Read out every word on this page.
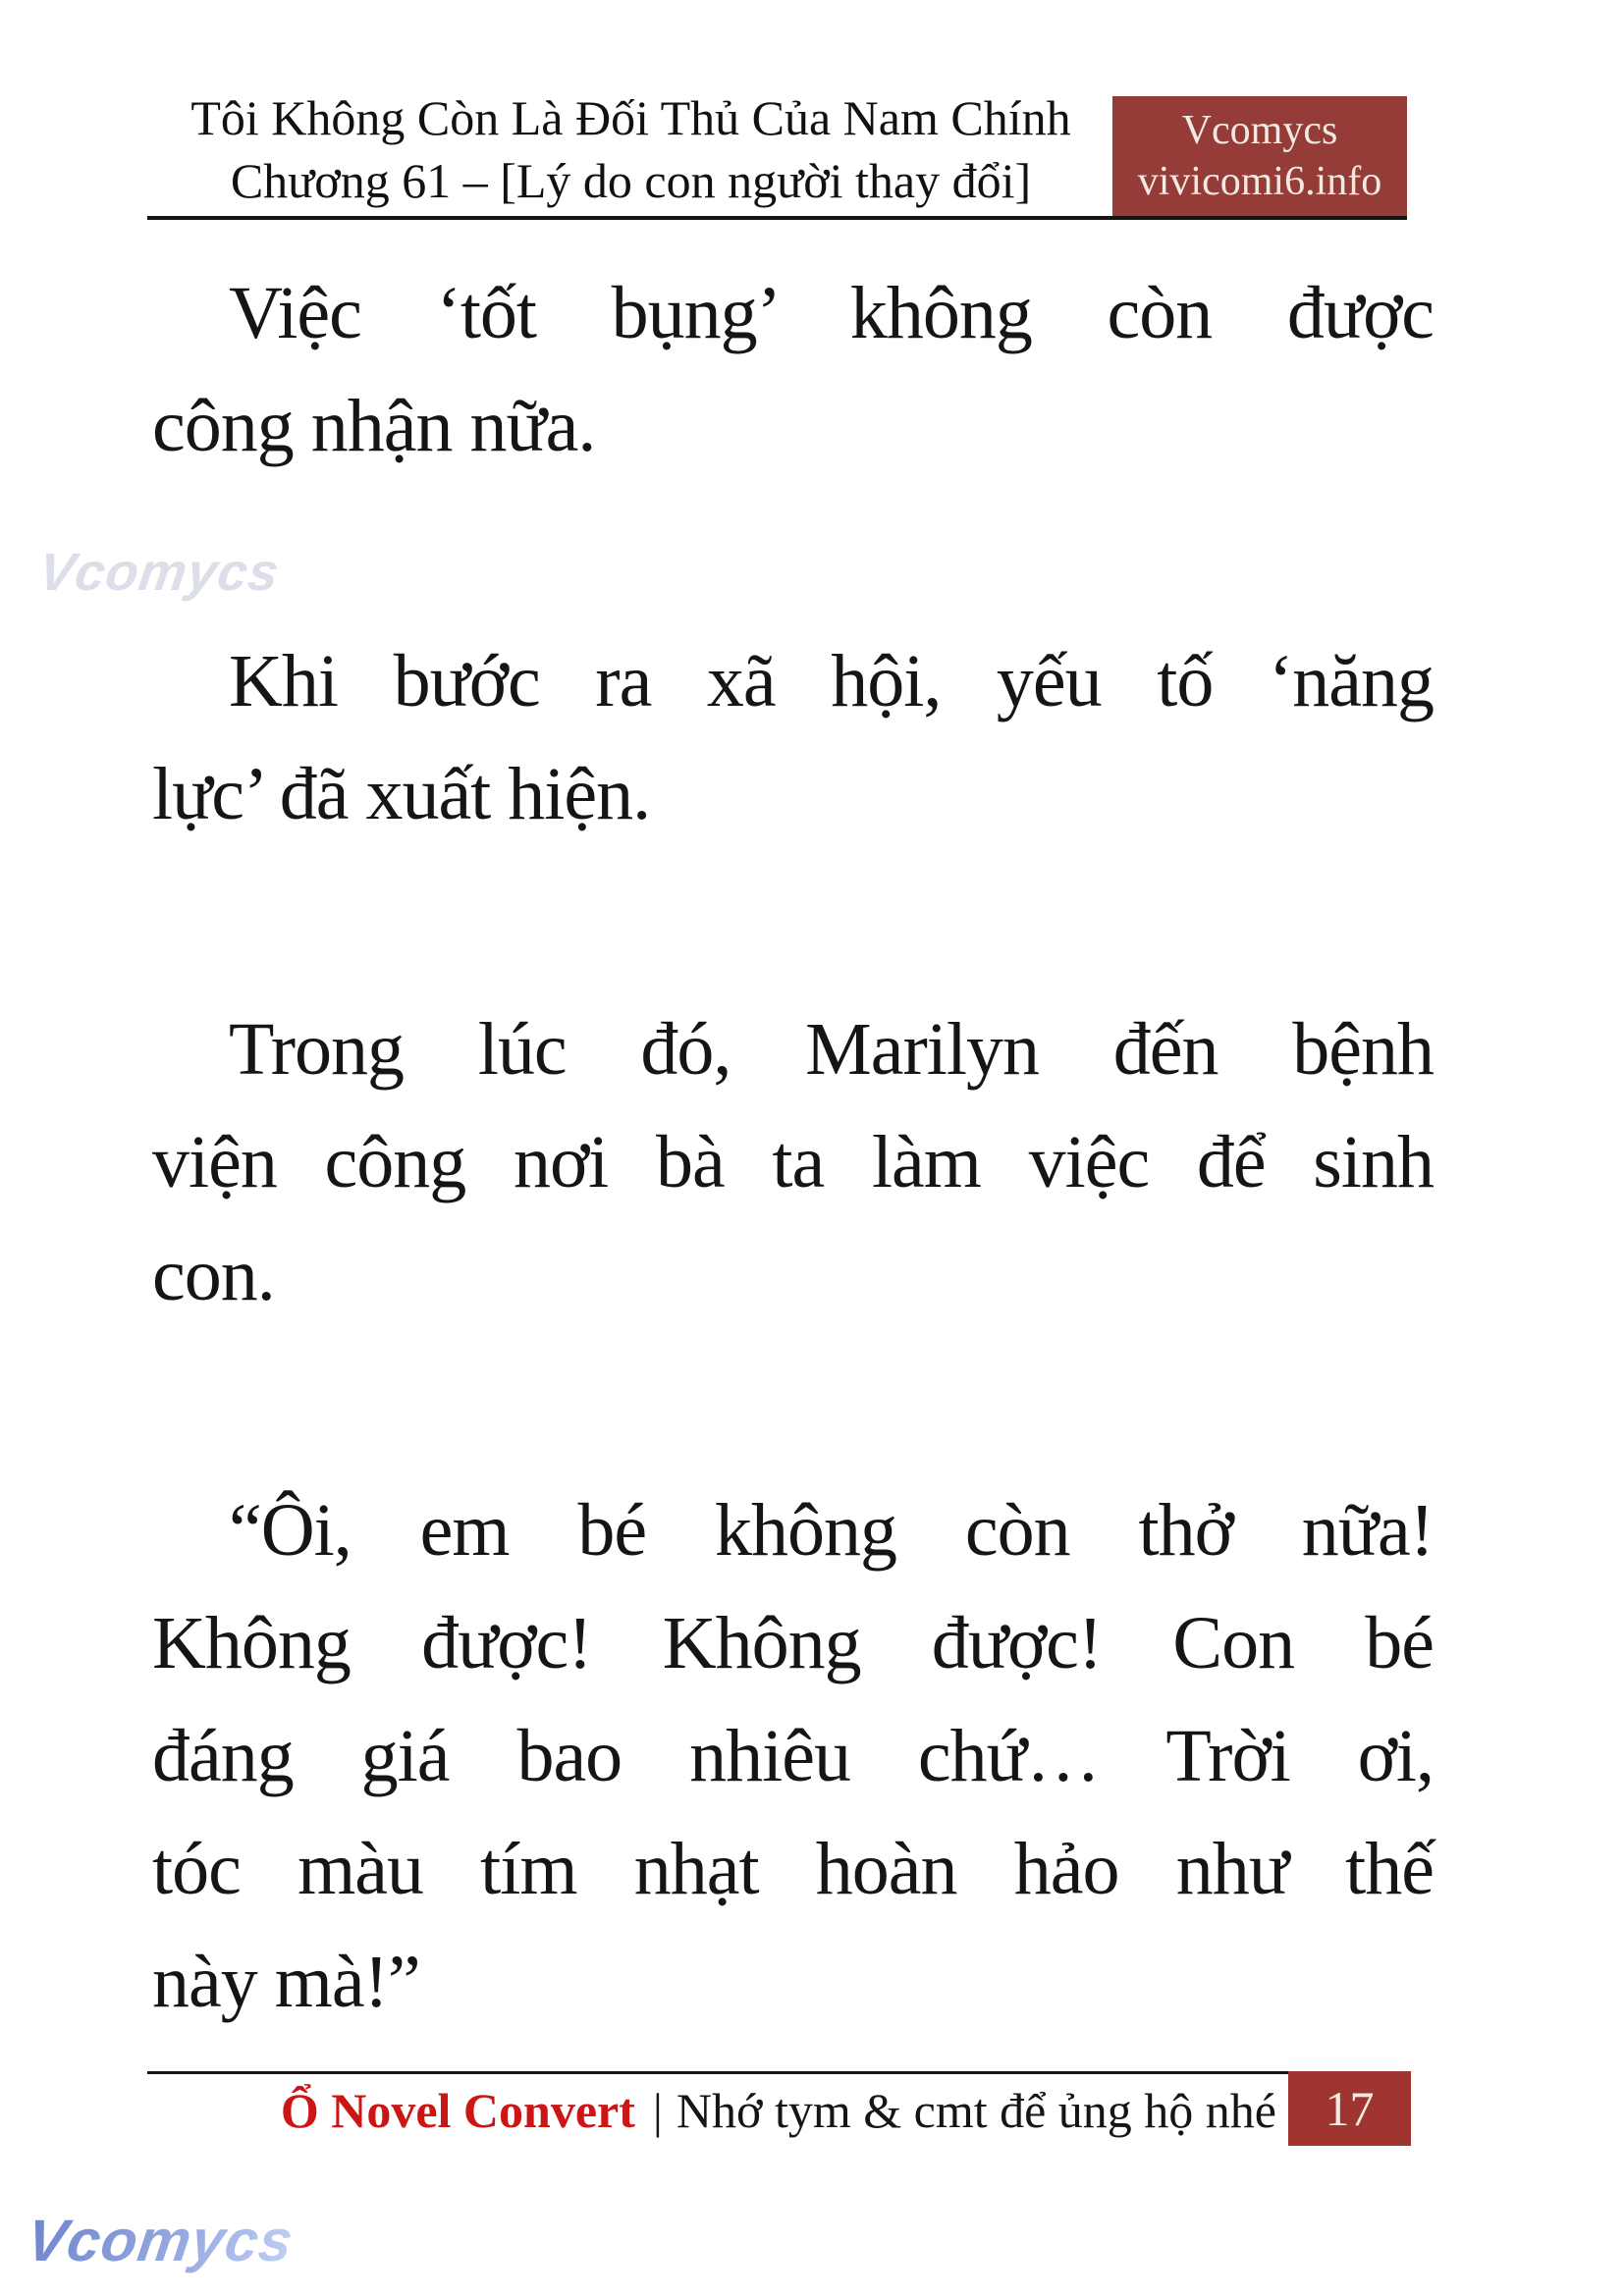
Tôi Không Còn Là Đối Thủ Của Nam Chính
Chương 61 – [Lý do con người thay đổi]
Vcomycs
vivicomi6.info
Vcomycs
Việc ‘tốt bụng’ không còn được
công nhận nữa.
Khi bước ra xã hội, yếu tố ‘năng
lực’ đã xuất hiện.
Trong lúc đó, Marilyn đến bệnh
viện công nơi bà ta làm việc để sinh
con.
“Ôi, em bé không còn thở nữa!
Không được! Không được! Con bé
đáng giá bao nhiêu chứ… Trời ơi,
tóc màu tím nhạt hoàn hảo như thế
này mà!”
Ổ Novel Convert | Nhớ tym & cmt để ủng hộ nhé 17
Vcomycs
